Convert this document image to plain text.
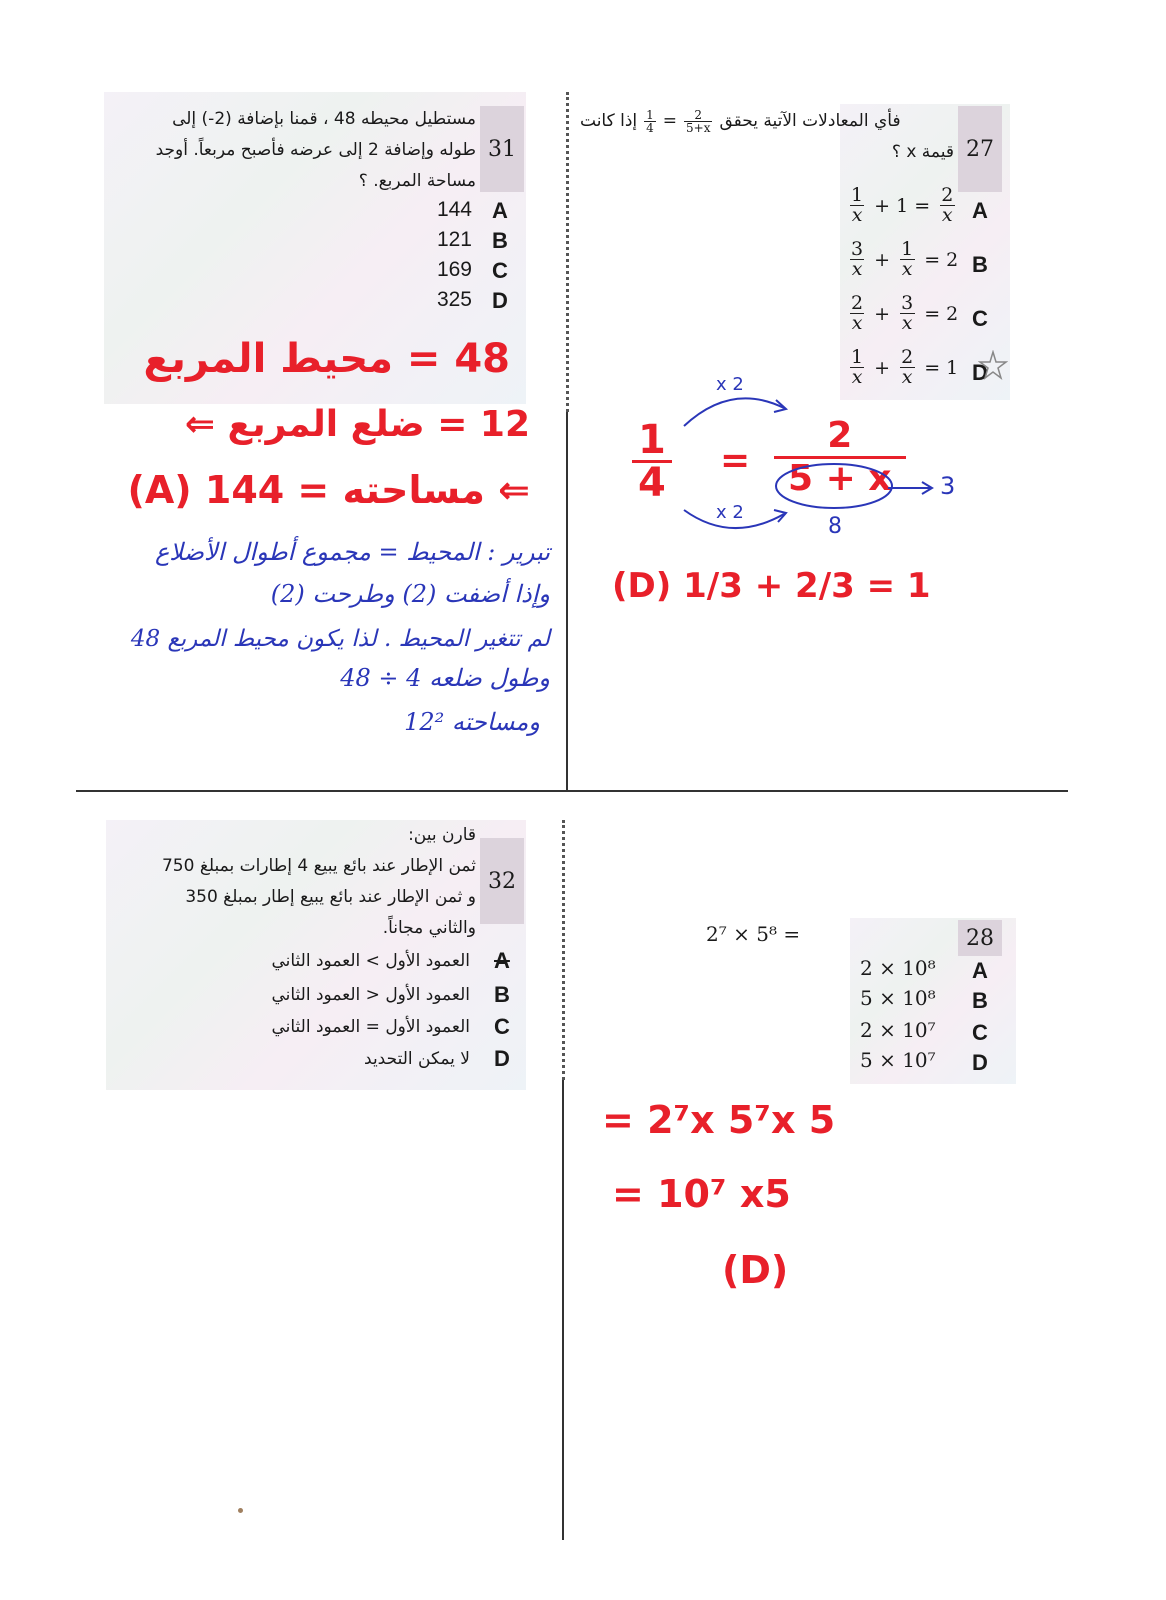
31
مستطيل محيطه 48 ، قمنا بإضافة (2-) إلى
طوله وإضافة 2 إلى عرضه فأصبح مربعاً. أوجد
مساحة المربع. ؟
144 A
121 B
169 C
325 D
48 = محيط المربع
12 = ضلع المربع ⇐
(A) 144 = مساحته ⇐
تبرير : المحيط = مجموع أطوال الأضلاع
وإذا أضفت (2) وطرحت (2)
لم تتغير المحيط . لذا يكون محيط المربع 48
وطول ضلعه 4 ÷ 48
ومساحته 12²
27
إذا كانت $\frac{1}{4} = \frac{2}{5+x}$ فأي المعادلات الآتية يحقق
قيمة x ؟
$\frac{1}{x} + 1 = \frac{2}{x}$ A
$\frac{3}{x} + \frac{1}{x} = 2$ B
$\frac{2}{x} + \frac{3}{x} = 2$ C
$\frac{1}{x} + \frac{2}{x} = 1$ D
x 2
$\frac{1}{4} = \frac{2}{5 + x} 3$
x 2
8
(D) 1/3 + 2/3 = 1
32
قارن بين:
ثمن الإطار عند بائع يبيع 4 إطارات بمبلغ 750
و ثمن الإطار عند بائع يبيع إطار بمبلغ 350
والثاني مجاناً.
العمود الأول > العمود الثاني A
العمود الأول < العمود الثاني B
العمود الأول = العمود الثاني C
لا يمكن التحديد D
28
2⁷ × 5⁸ =
2 × 10⁸ A
5 × 10⁸ B
2 × 10⁷ C
5 × 10⁷ D
= 2⁷x 5⁷x 5
= 10⁷ x5
(D)
